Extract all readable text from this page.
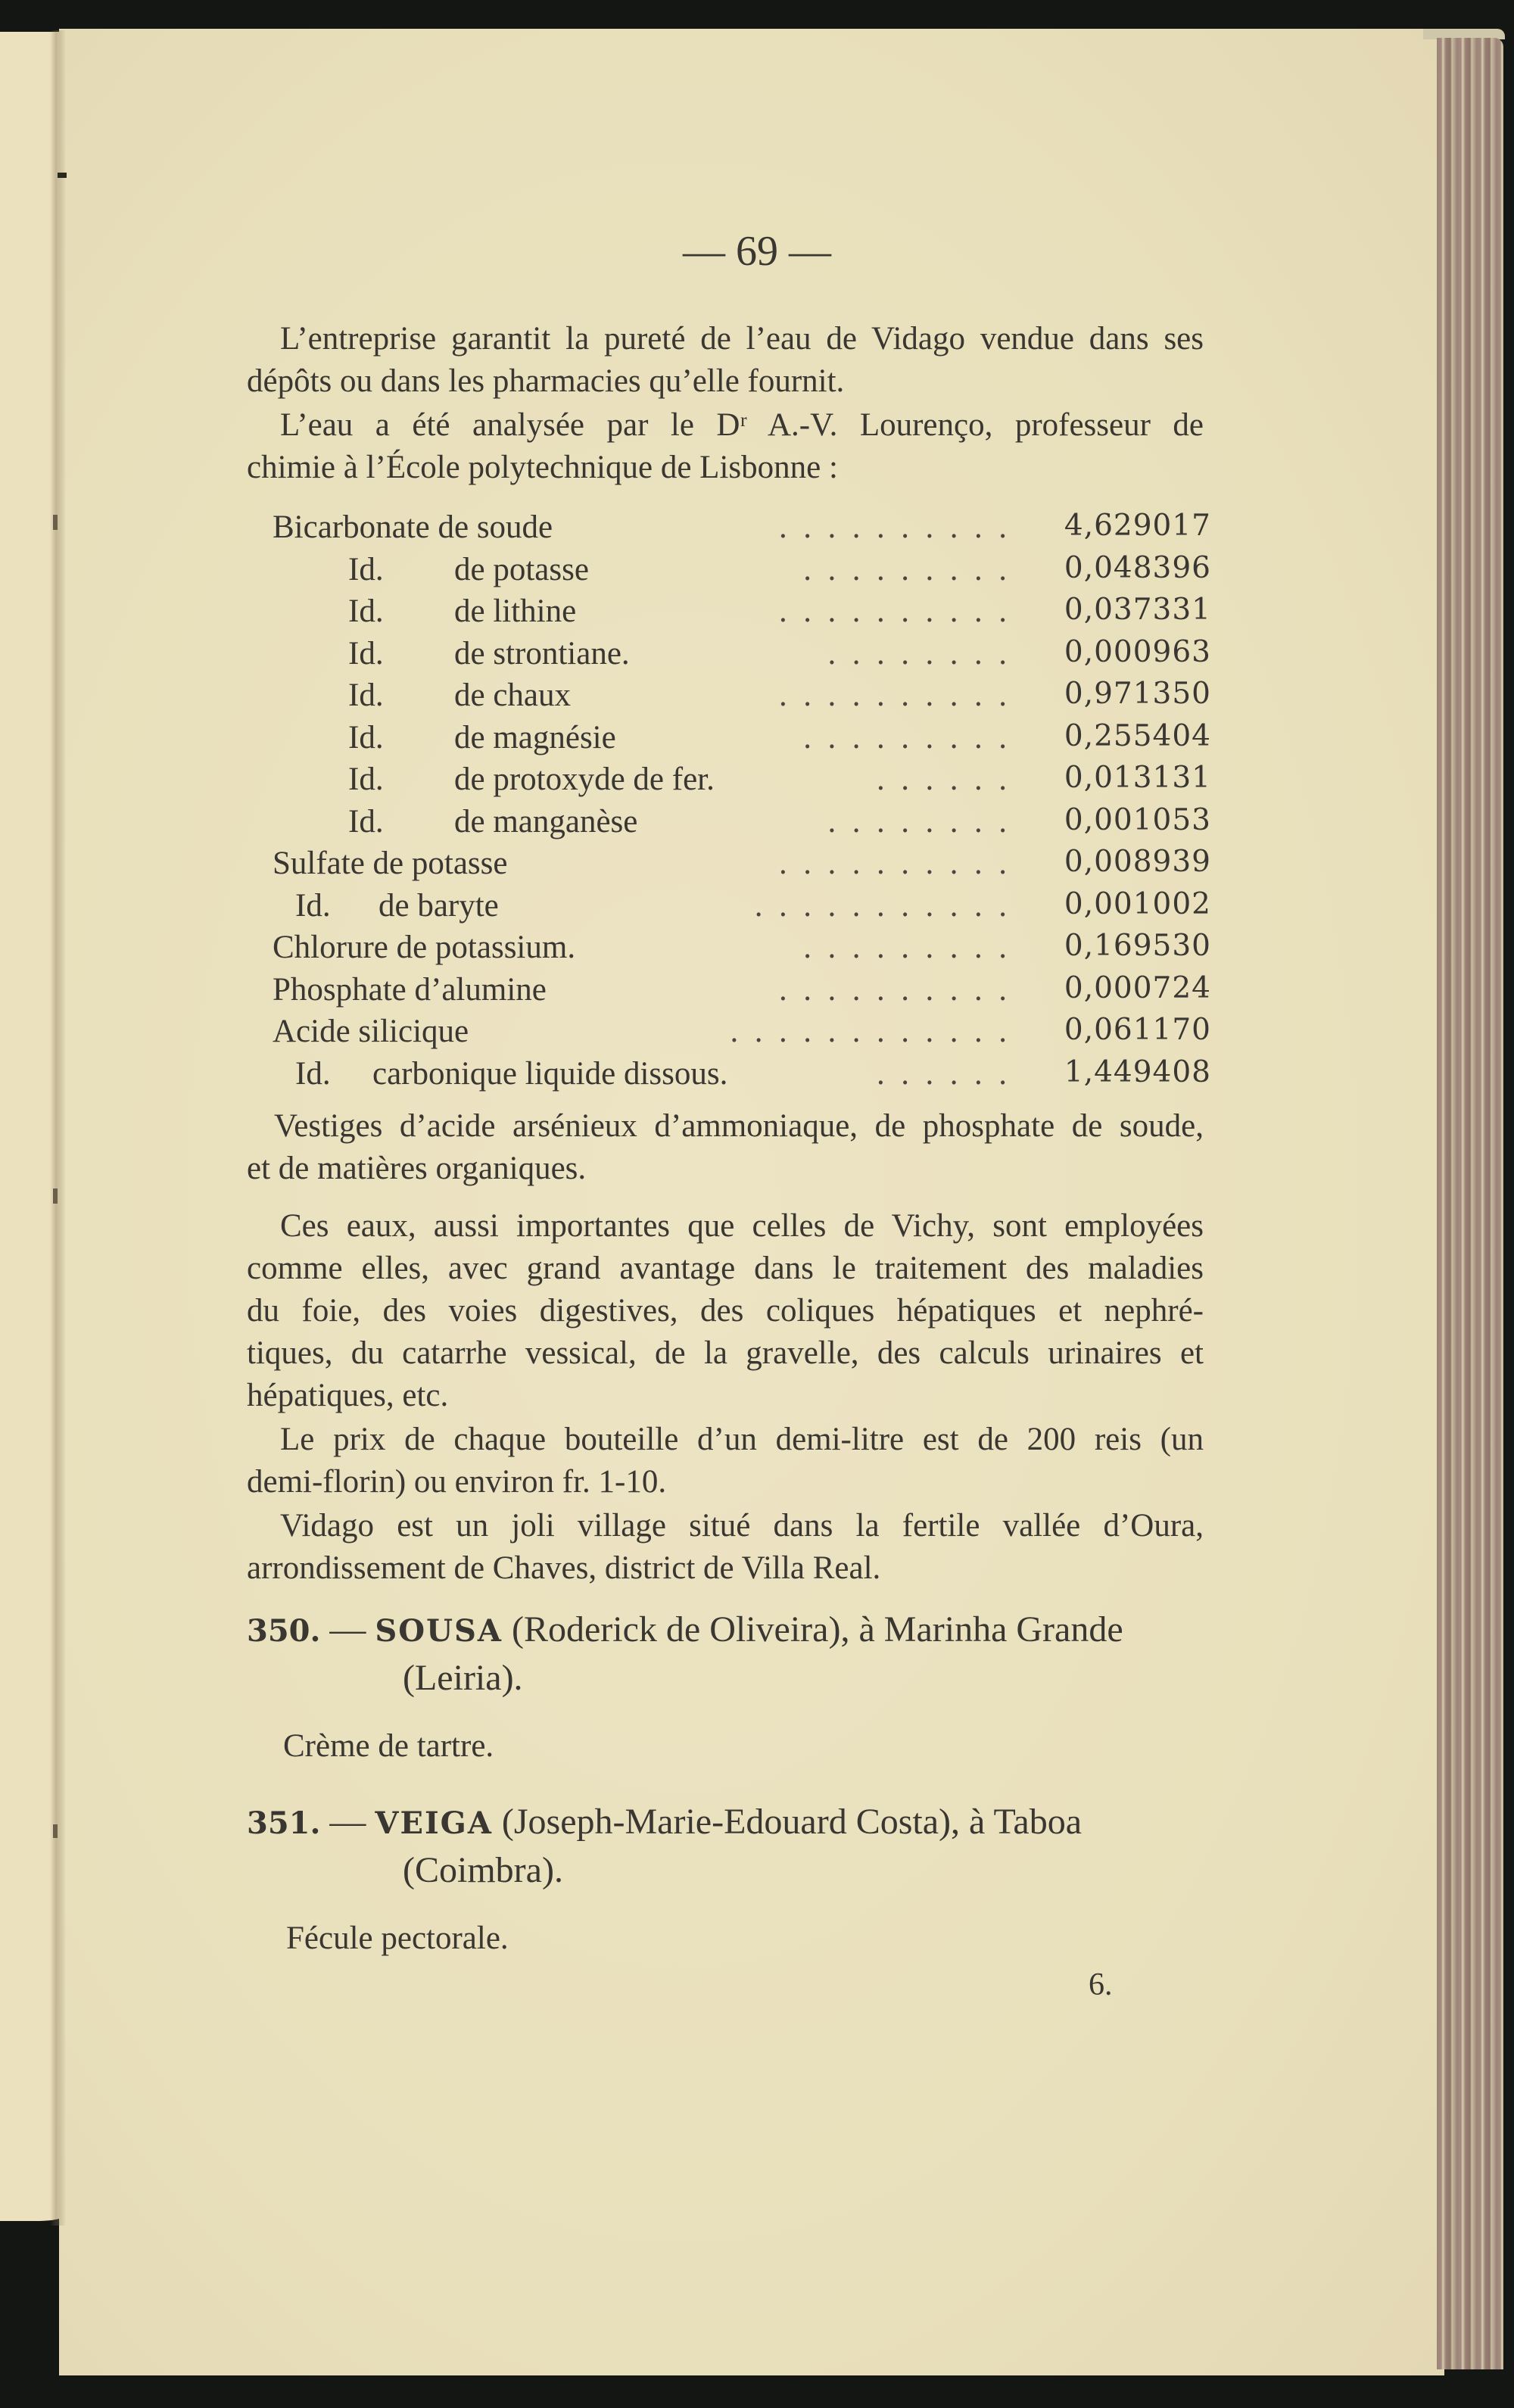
— 69 —
L’entreprise garantit la pureté de l’eau de Vidago vendue dans ses
dépôts ou dans les pharmacies qu’elle fournit.
L’eau a été analysée par le Dʳ A.-V. Lourenço, professeur de
chimie à l’École polytechnique de Lisbonne :
Bicarbonate de soude	.  .  .  .  .  .  .  .  .  . 4,629017
Id. de potasse	.  .  .  .  .  .  .  .  . 0,048396
Id. de lithine	.  .  .  .  .  .  .  .  .  . 0,037331
Id. de strontiane.	.  .  .  .  .  .  .  . 0,000963
Id. de chaux	.  .  .  .  .  .  .  .  .  . 0,971350
Id. de magnésie	.  .  .  .  .  .  .  .  . 0,255404
Id. de protoxyde de fer.	.  .  .  .  .  . 0,013131
Id. de manganèse	.  .  .  .  .  .  .  . 0,001053
Sulfate de potasse	.  .  .  .  .  .  .  .  .  . 0,008939
Id. de baryte	.  .  .  .  .  .  .  .  .  .  . 0,001002
Chlorure de potassium.	.  .  .  .  .  .  .  .  . 0,169530
Phosphate d’alumine	.  .  .  .  .  .  .  .  .  . 0,000724
Acide silicique	.  .  .  .  .  .  .  .  .  .  .  . 0,061170
Id. carbonique liquide dissous.	.  .  .  .  .  . 1,449408
Vestiges d’acide arsénieux d’ammoniaque, de phosphate de soude,
et de matières organiques.
Ces eaux, aussi importantes que celles de Vichy, sont employées
comme elles, avec grand avantage dans le traitement des maladies
du foie, des voies digestives, des coliques hépatiques et nephré-
tiques, du catarrhe vessical, de la gravelle, des calculs urinaires et
hépatiques, etc.
Le prix de chaque bouteille d’un demi-litre est de 200 reis (un
demi-florin) ou environ fr. 1-10.
Vidago est un joli village situé dans la fertile vallée d’Oura,
arrondissement de Chaves, district de Villa Real.
350. — SOUSA (Roderick de Oliveira), à Marinha Grande
(Leiria).
Crème de tartre.
351. — VEIGA (Joseph-Marie-Edouard Costa), à Taboa
(Coimbra).
Fécule pectorale.
6.
